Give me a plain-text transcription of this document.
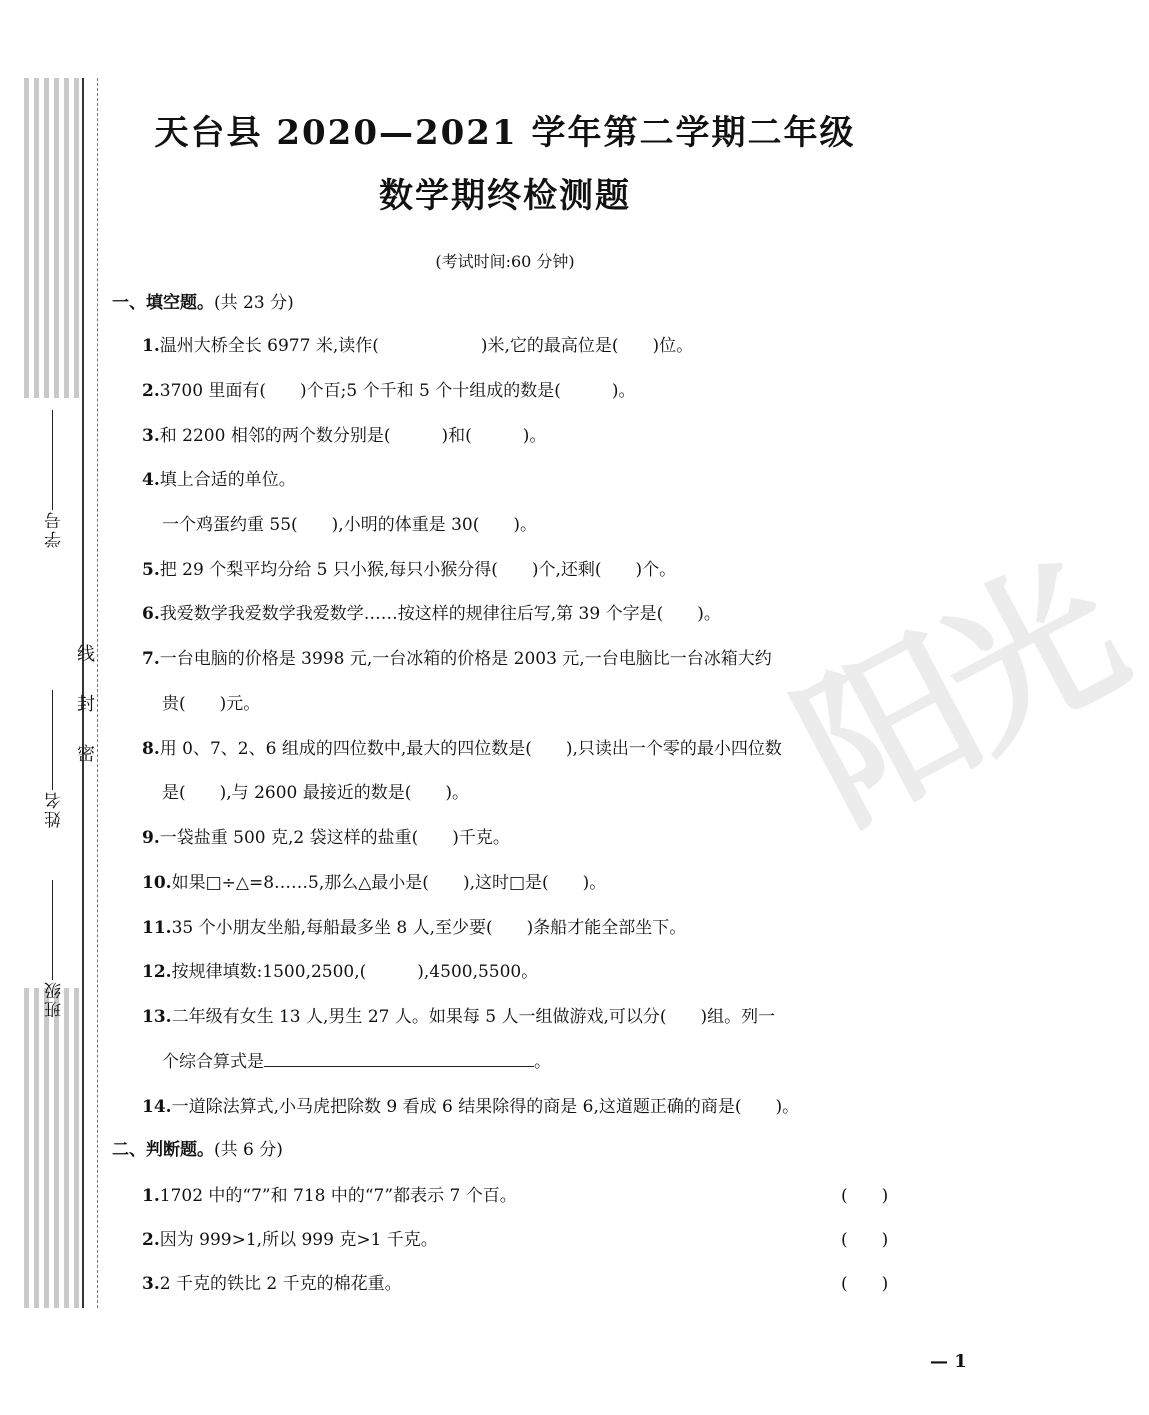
学号
姓名
班级
线
封
密	阳光
天台县 2020—2021 学年第二学期二年级
数学期终检测题
(考试时间:60 分钟)
一、填空题。(共 23 分)
1.温州大桥全长 6977 米,读作(　　　　　　)米,它的最高位是(　　)位。
2.3700 里面有(　　)个百;5 个千和 5 个十组成的数是(　　　)。
3.和 2200 相邻的两个数分别是(　　　)和(　　　)。
4.填上合适的单位。
一个鸡蛋约重 55(　　),小明的体重是 30(　　)。
5.把 29 个梨平均分给 5 只小猴,每只小猴分得(　　)个,还剩(　　)个。
6.我爱数学我爱数学我爱数学……按这样的规律往后写,第 39 个字是(　　)。
7.一台电脑的价格是 3998 元,一台冰箱的价格是 2003 元,一台电脑比一台冰箱大约
贵(　　)元。
8.用 0、7、2、6 组成的四位数中,最大的四位数是(　　),只读出一个零的最小四位数
是(　　),与 2600 最接近的数是(　　)。
9.一袋盐重 500 克,2 袋这样的盐重(　　)千克。
10.如果□÷△=8……5,那么△最小是(　　),这时□是(　　)。
11.35 个小朋友坐船,每船最多坐 8 人,至少要(　　)条船才能全部坐下。
12.按规律填数:1500,2500,(　　　),4500,5500。
13.二年级有女生 13 人,男生 27 人。如果每 5 人一组做游戏,可以分(　　)组。列一
个综合算式是	。
14.一道除法算式,小马虎把除数 9 看成 6 结果除得的商是 6,这道题正确的商是(　　)。
二、判断题。(共 6 分)
1.1702 中的“7”和 718 中的“7”都表示 7 个百。	(　　)
2.因为 999>1,所以 999 克>1 千克。	(　　)
3.2 千克的铁比 2 千克的棉花重。	(　　)
— 1
